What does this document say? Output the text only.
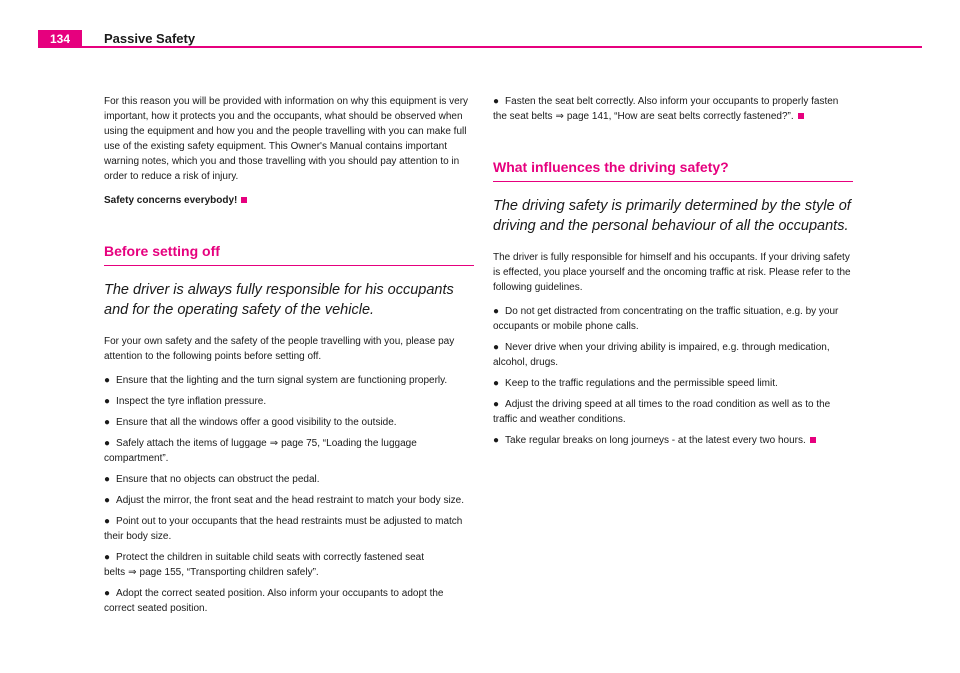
134	Passive Safety

For this reason you will be provided with information on why this equipment is very important, how it protects you and the occupants, what should be observed when using the equipment and how you and the people travelling with you can make full use of the existing safety equipment. This Owner's Manual contains important warning notes, which you and those travelling with you should pay attention to in order to reduce a risk of injury.

Safety concerns everybody!

Before setting off
The driver is always fully responsible for his occupants and for the operating safety of the vehicle.

For your own safety and the safety of the people travelling with you, please pay attention to the following points before setting off.

● Ensure that the lighting and the turn signal system are functioning properly.
● Inspect the tyre inflation pressure.
● Ensure that all the windows offer a good visibility to the outside.
● Safely attach the items of luggage ⇒ page 75, “Loading the luggage compartment”.
● Ensure that no objects can obstruct the pedal.
● Adjust the mirror, the front seat and the head restraint to match your body size.
● Point out to your occupants that the head restraints must be adjusted to match their body size.
● Protect the children in suitable child seats with correctly fastened seat belts ⇒ page 155, “Transporting children safely”.
● Adopt the correct seated position. Also inform your occupants to adopt the correct seated position.
● Fasten the seat belt correctly. Also inform your occupants to properly fasten the seat belts ⇒ page 141, “How are seat belts correctly fastened?”.
What influences the driving safety?
The driving safety is primarily determined by the style of driving and the personal behaviour of all the occupants.

The driver is fully responsible for himself and his occupants. If your driving safety is effected, you place yourself and the oncoming traffic at risk. Please refer to the following guidelines.

● Do not get distracted from concentrating on the traffic situation, e.g. by your occupants or mobile phone calls.
● Never drive when your driving ability is impaired, e.g. through medication, alcohol, drugs.
● Keep to the traffic regulations and the permissible speed limit.
● Adjust the driving speed at all times to the road condition as well as to the traffic and weather conditions.
● Take regular breaks on long journeys - at the latest every two hours.
